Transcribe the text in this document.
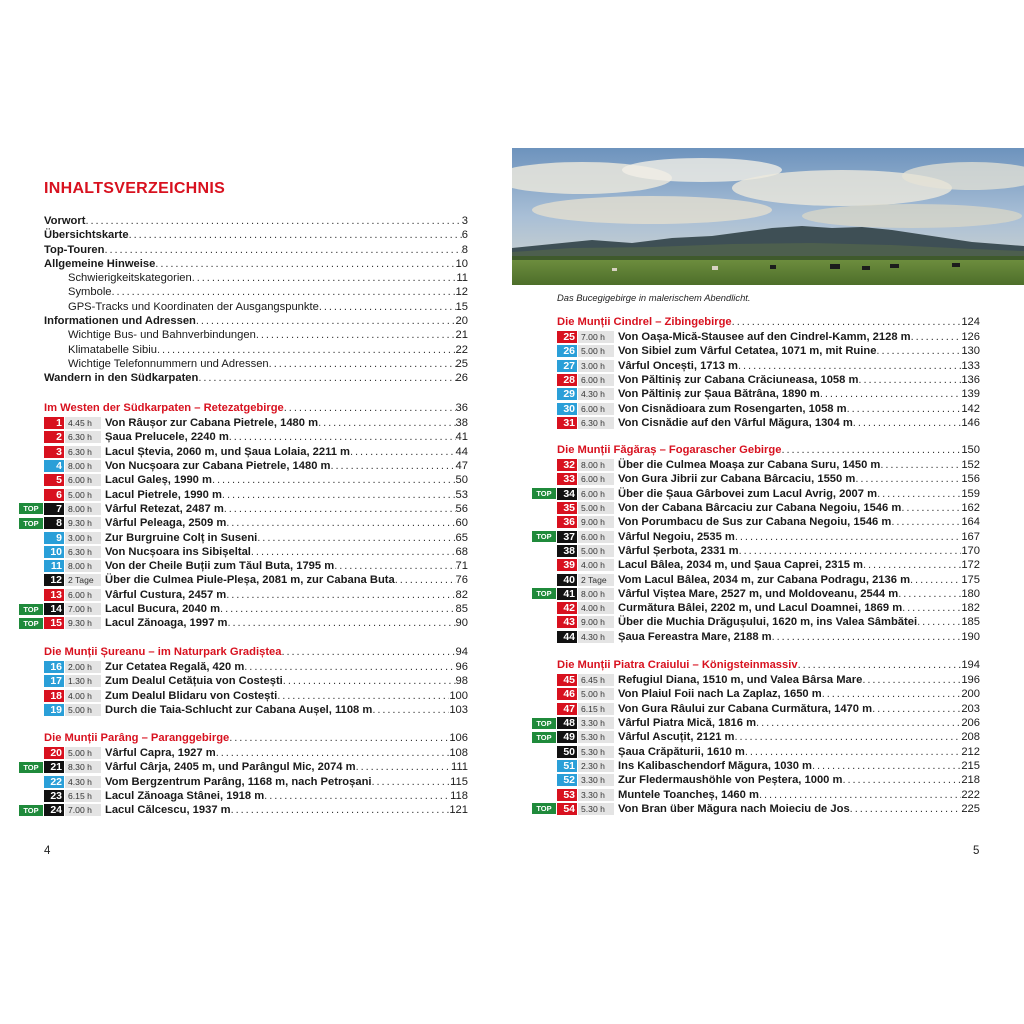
INHALTSVERZEICHNIS
Vorwort . . .	3
Übersichtskarte . . .	6
Top-Touren . . .	8
Allgemeine Hinweise . . .	10
Schwierigkeitskategorien . . .	11
Symbole . . .	12
GPS-Tracks und Koordinaten der Ausgangspunkte . . .	15
Informationen und Adressen . . .	20
Wichtige Bus- und Bahnverbindungen . . .	21
Klimatabelle Sibiu . . .	22
Wichtige Telefonnummern und Adressen . . .	25
Wandern in den Südkarpaten . . .	26
Im Westen der Südkarpaten – Retezatgebirge . . .	36
1 4.45 h	Von Râușor zur Cabana Pietrele, 1480 m . . .	38
2 6.30 h	Șaua Prelucele, 2240 m . . .	41
3 6.30 h	Lacul Ștevia, 2060 m, und Șaua Lolaia, 2211 m . . .	44
4 8.00 h	Von Nucșoara zur Cabana Pietrele, 1480 m . . .	47
5 6.00 h	Lacul Galeș, 1990 m . . .	50
6 5.00 h	Lacul Pietrele, 1990 m . . .	53
TOP	7 8.00 h	Vârful Retezat, 2487 m . . .	56
TOP	8 9.30 h	Vârful Peleaga, 2509 m . . .	60
9 3.00 h	Zur Burgruine Colț in Suseni . . .	65
10 6.30 h	Von Nucșoara ins Sibișeltal . . .	68
11 8.00 h	Von der Cheile Buții zum Tăul Buta, 1795 m . . .	71
12 2 Tage	Über die Culmea Piule-Pleșa, 2081 m, zur Cabana Buta . . .	76
13 6.00 h	Vârful Custura, 2457 m . . .	82
TOP	14 7.00 h	Lacul Bucura, 2040 m . . .	85
TOP	15 9.30 h	Lacul Zănoaga, 1997 m . . .	90
Die Munții Șureanu – im Naturpark Gradiștea . . .	94
16 2.00 h	Zur Cetatea Regală, 420 m . . .	96
17 1.30 h	Zum Dealul Cetățuia von Costești . . .	98
18 4.00 h	Zum Dealul Blidaru von Costești . . .	100
19 5.00 h	Durch die Taia-Schlucht zur Cabana Aușel, 1108 m . . .	103
Die Munții Parâng – Paranggebirge . . .	106
20 5.00 h	Vârful Capra, 1927 m . . .	108
TOP	21 8.30 h	Vârful Cârja, 2405 m, und Parângul Mic, 2074 m . . .	111
22 4.30 h	Vom Bergzentrum Parâng, 1168 m, nach Petroșani . . .	115
23 6.15 h	Lacul Zănoaga Stânei, 1918 m . . .	118
TOP	24 7.00 h	Lacul Călcescu, 1937 m . . .	121
4
Das Bucegigebirge in malerischem Abendlicht.
Die Munții Cindrel – Zibingebirge . . .	124
25 7.00 h	Von Oașa-Mică-Stausee auf den Cindrel-Kamm, 2128 m . . .	126
26 5.00 h	Von Sibiel zum Vârful Cetatea, 1071 m, mit Ruine . . .	130
27 3.00 h	Vârful Oncești, 1713 m . . .	133
28 6.00 h	Von Păltiniș zur Cabana Crăciuneasa, 1058 m . . .	136
29 4.30 h	Von Păltiniș zur Șaua Bătrâna, 1890 m . . .	139
30 6.00 h	Von Cisnădioara zum Rosengarten, 1058 m . . .	142
31 6.30 h	Von Cisnădie auf den Vârful Măgura, 1304 m . . .	146
Die Munții Făgăraș – Fogarascher Gebirge . . .	150
32 8.00 h	Über die Culmea Moașa zur Cabana Suru, 1450 m . . .	152
33 6.00 h	Von Gura Jibrii zur Cabana Bârcaciu, 1550 m . . .	156
TOP	34 6.00 h	Über die Șaua Gârbovei zum Lacul Avrig, 2007 m . . .	159
35 5.00 h	Von der Cabana Bârcaciu zur Cabana Negoiu, 1546 m . . .	162
36 9.00 h	Von Porumbacu de Sus zur Cabana Negoiu, 1546 m . . .	164
TOP	37 6.00 h	Vârful Negoiu, 2535 m . . .	167
38 5.00 h	Vârful Șerbota, 2331 m . . .	170
39 4.00 h	Lacul Bâlea, 2034 m, und Șaua Caprei, 2315 m . . .	172
40 2 Tage	Vom Lacul Bâlea, 2034 m, zur Cabana Podragu, 2136 m . . .	175
TOP	41 8.00 h	Vârful Viștea Mare, 2527 m, und Moldoveanu, 2544 m . . .	180
42 4.00 h	Curmătura Bâlei, 2202 m, und Lacul Doamnei, 1869 m . . .	182
43 9.00 h	Über die Muchia Drăgușului, 1620 m, ins Valea Sâmbătei . . .	185
44 4.30 h	Șaua Fereastra Mare, 2188 m . . .	190
Die Munții Piatra Craiului – Königsteinmassiv . . .	194
45 6.45 h	Refugiul Diana, 1510 m, und Valea Bârsa Mare . . .	196
46 5.00 h	Von Plaiul Foii nach La Zaplaz, 1650 m . . .	200
47 6.15 h	Von Gura Râului zur Cabana Curmătura, 1470 m . . .	203
TOP	48 3.30 h	Vârful Piatra Mică, 1816 m . . .	206
TOP	49 5.30 h	Vârful Ascuțit, 2121 m . . .	208
50 5.30 h	Șaua Crăpăturii, 1610 m . . .	212
51 2.30 h	Ins Kalibaschendorf Măgura, 1030 m . . .	215
52 3.30 h	Zur Fledermaushöhle von Peștera, 1000 m . . .	218
53 3.30 h	Muntele Toancheș, 1460 m . . .	222
TOP	54 5.30 h	Von Bran über Măgura nach Moieciu de Jos . . .	225
5
